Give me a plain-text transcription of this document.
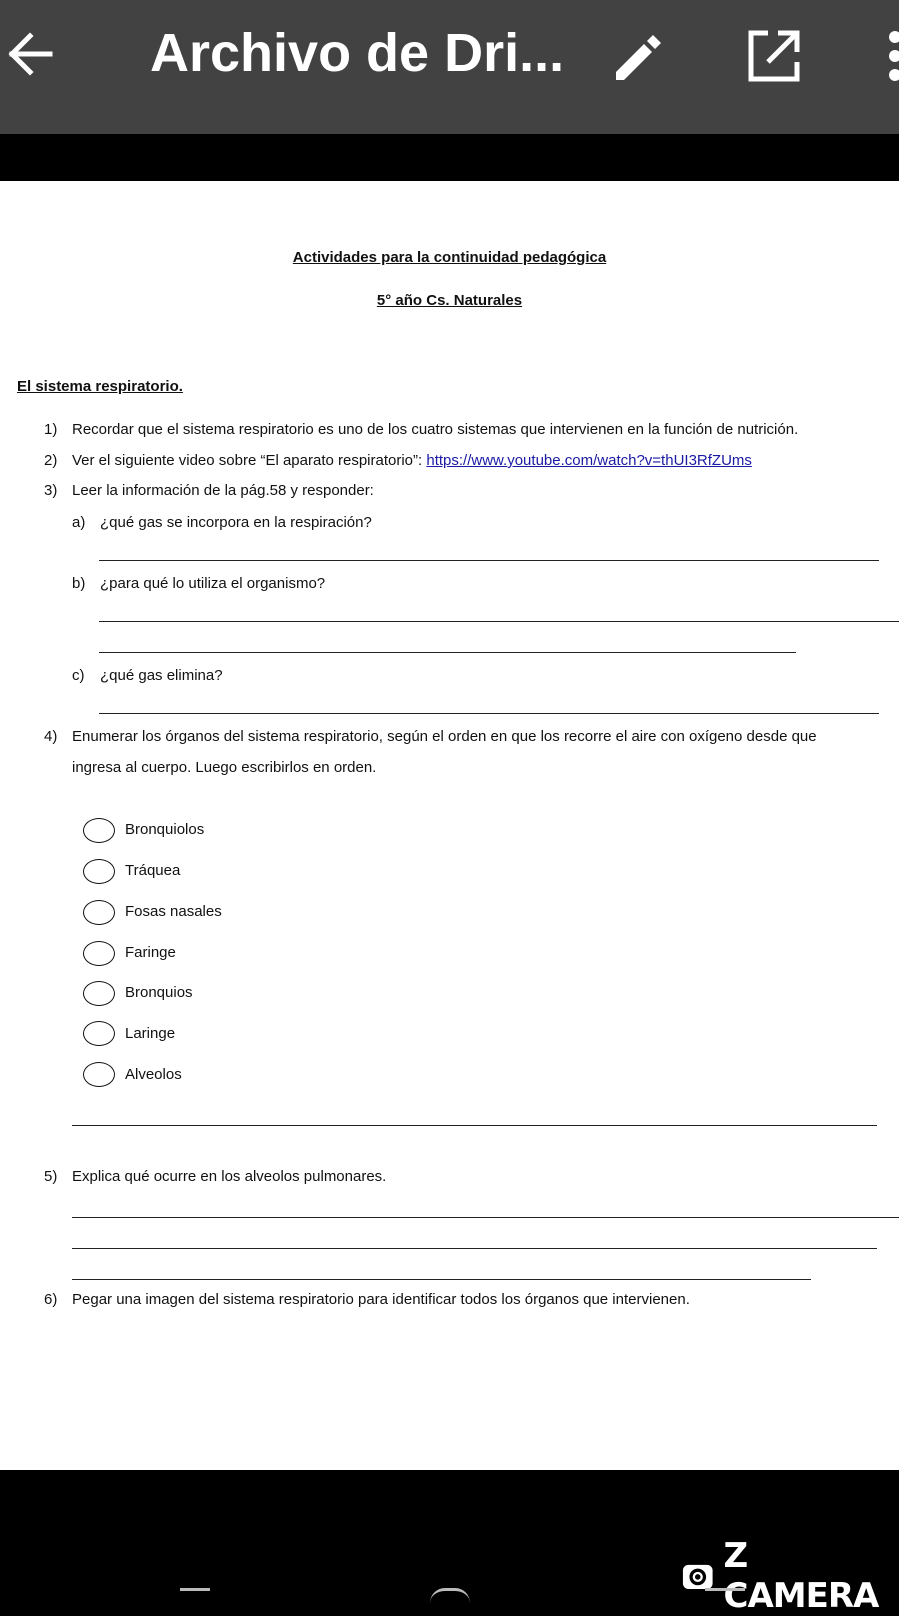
Archivo de Dri...
Actividades para la continuidad pedagógica
5° año Cs. Naturales
El sistema respiratorio.
1) Recordar que el sistema respiratorio es uno de los cuatro sistemas que intervienen en la función de nutrición.
2) Ver el siguiente video sobre “El aparato respiratorio”: https://www.youtube.com/watch?v=thUI3RfZUms
3) Leer la información de la pág.58 y responder:
a) ¿qué gas se incorpora en la respiración?
b) ¿para qué lo utiliza el organismo?
c) ¿qué gas elimina?
4) Enumerar los órganos del sistema respiratorio, según el orden en que los recorre el aire con oxígeno desde que
ingresa al cuerpo. Luego escribirlos en orden.
Bronquiolos
Tráquea
Fosas nasales
Faringe
Bronquios
Laringe
Alveolos
5) Explica qué ocurre en los alveolos pulmonares.
6) Pegar una imagen del sistema respiratorio para identificar todos los órganos que intervienen.
Z CAMERA
